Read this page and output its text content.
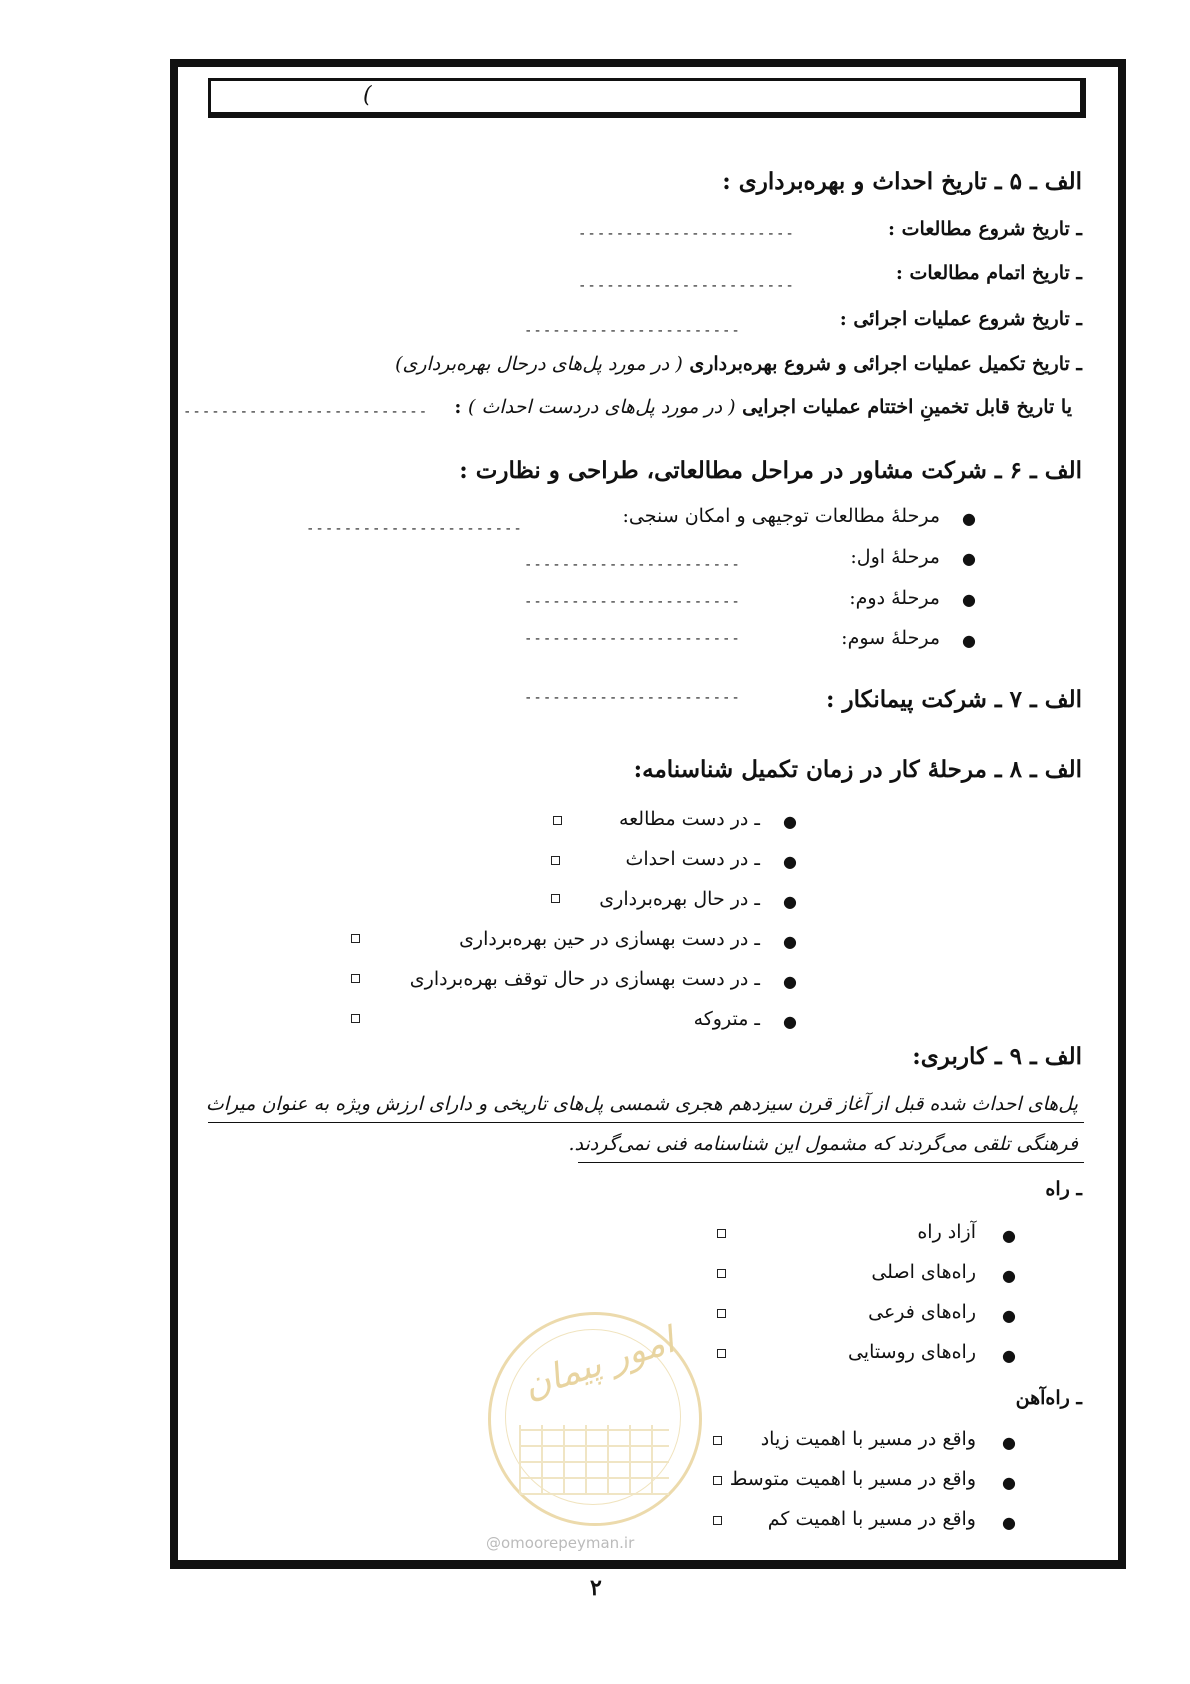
(
الف ـ ۵ ـ تاریخ احداث و بهره‌برداری :
ـ تاریخ شروع مطالعات :
-----------------------
ـ تاریخ اتمام مطالعات :
-----------------------
ـ تاریخ شروع عملیات اجرائی :
-----------------------
ـ تاریخ تکمیل عملیات اجرائی و شروع بهره‌برداری ( در مورد پل‌های درحال بهره‌برداری)
یا تاریخ قابل تخمینِ اختتام عملیات اجرایی ( در مورد پل‌های دردست احداث ) :
--------------------------
الف ـ ۶ ـ شرکت مشاور در مراحل مطالعاتی، طراحی و نظارت :
●
مرحلهٔ مطالعات توجیهی و امکان سنجی:
-----------------------
●
مرحلهٔ اول:
-----------------------
●
مرحلهٔ دوم:
-----------------------
●
مرحلهٔ سوم:
-----------------------
الف ـ ۷ ـ شرکت پیمانکار :
-----------------------
الف ـ ۸ ـ مرحلهٔ کار در زمان تکمیل شناسنامه:
●
ـ در دست مطالعه
●
ـ در دست احداث
●
ـ در حال بهره‌برداری
●
ـ در دست بهسازی در حین بهره‌برداری
●
ـ در دست بهسازی در حال توقف بهره‌برداری
●
ـ متروکه
الف ـ ۹ ـ کاربری:
پل‌های احداث شده قبل از آغاز قرن سیزدهم هجری شمسی پل‌های تاریخی و دارای ارزش ویژه به عنوان میراث
فرهنگی تلقی می‌گردند که مشمول این شناسنامه فنی نمی‌گردند.
ـ راه
●
آزاد راه
●
راه‌های اصلی
●
راه‌های فرعی
●
راه‌های روستایی
ـ راه‌آهن
●
واقع در مسیر با اهمیت زیاد
●
واقع در مسیر با اهمیت متوسط
●
واقع در مسیر با اهمیت کم
امور پیمان
@omoorepeyman.ir
۲
